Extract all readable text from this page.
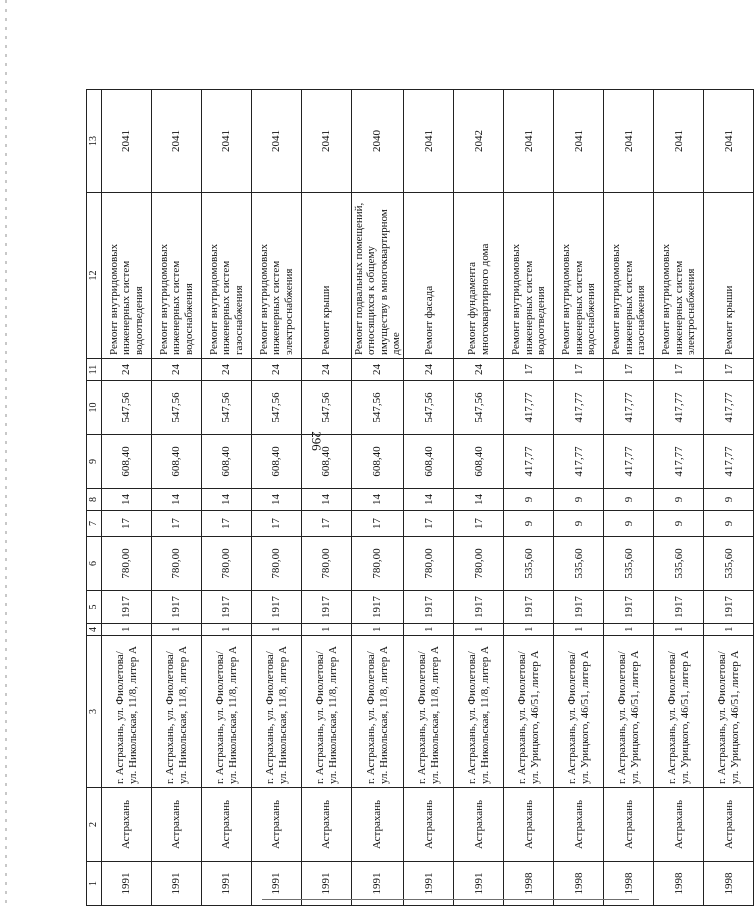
296
1	2	3	4	5	6	7	8	9	10	11	12	13
1991	Астрахань	г. Астрахань, ул. Фиолетова/ ул. Никольская, 11/8, литер А	1	1917	780,00	17	14	608,40	547,56	24	Ремонт внутридомовых инженерных систем водоотведения	2041
1991	Астрахань	г. Астрахань, ул. Фиолетова/ ул. Никольская, 11/8, литер А	1	1917	780,00	17	14	608,40	547,56	24	Ремонт внутридомовых инженерных систем водоснабжения	2041
1991	Астрахань	г. Астрахань, ул. Фиолетова/ ул. Никольская, 11/8, литер А	1	1917	780,00	17	14	608,40	547,56	24	Ремонт внутридомовых инженерных систем газоснабжения	2041
1991	Астрахань	г. Астрахань, ул. Фиолетова/ ул. Никольская, 11/8, литер А	1	1917	780,00	17	14	608,40	547,56	24	Ремонт внутридомовых инженерных систем электроснабжения	2041
1991	Астрахань	г. Астрахань, ул. Фиолетова/ ул. Никольская, 11/8, литер А	1	1917	780,00	17	14	608,40	547,56	24	Ремонт крыши	2041
1991	Астрахань	г. Астрахань, ул. Фиолетова/ ул. Никольская, 11/8, литер А	1	1917	780,00	17	14	608,40	547,56	24	Ремонт подвальных помещений, относящихся к общему имуществу в многоквартирном доме	2040
1991	Астрахань	г. Астрахань, ул. Фиолетова/ ул. Никольская, 11/8, литер А	1	1917	780,00	17	14	608,40	547,56	24	Ремонт фасада	2041
1991	Астрахань	г. Астрахань, ул. Фиолетова/ ул. Никольская, 11/8, литер А	1	1917	780,00	17	14	608,40	547,56	24	Ремонт фундамента многоквартирного дома	2042
1998	Астрахань	г. Астрахань, ул. Фиолетова/ ул. Урицкого, 46/51, литер А	1	1917	535,60	9	9	417,77	417,77	17	Ремонт внутридомовых инженерных систем водоотведения	2041
1998	Астрахань	г. Астрахань, ул. Фиолетова/ ул. Урицкого, 46/51, литер А	1	1917	535,60	9	9	417,77	417,77	17	Ремонт внутридомовых инженерных систем водоснабжения	2041
1998	Астрахань	г. Астрахань, ул. Фиолетова/ ул. Урицкого, 46/51, литер А	1	1917	535,60	9	9	417,77	417,77	17	Ремонт внутридомовых инженерных систем газоснабжения	2041
1998	Астрахань	г. Астрахань, ул. Фиолетова/ ул. Урицкого, 46/51, литер А	1	1917	535,60	9	9	417,77	417,77	17	Ремонт внутридомовых инженерных систем электроснабжения	2041
1998	Астрахань	г. Астрахань, ул. Фиолетова/ ул. Урицкого, 46/51, литер А	1	1917	535,60	9	9	417,77	417,77	17	Ремонт крыши	2041
